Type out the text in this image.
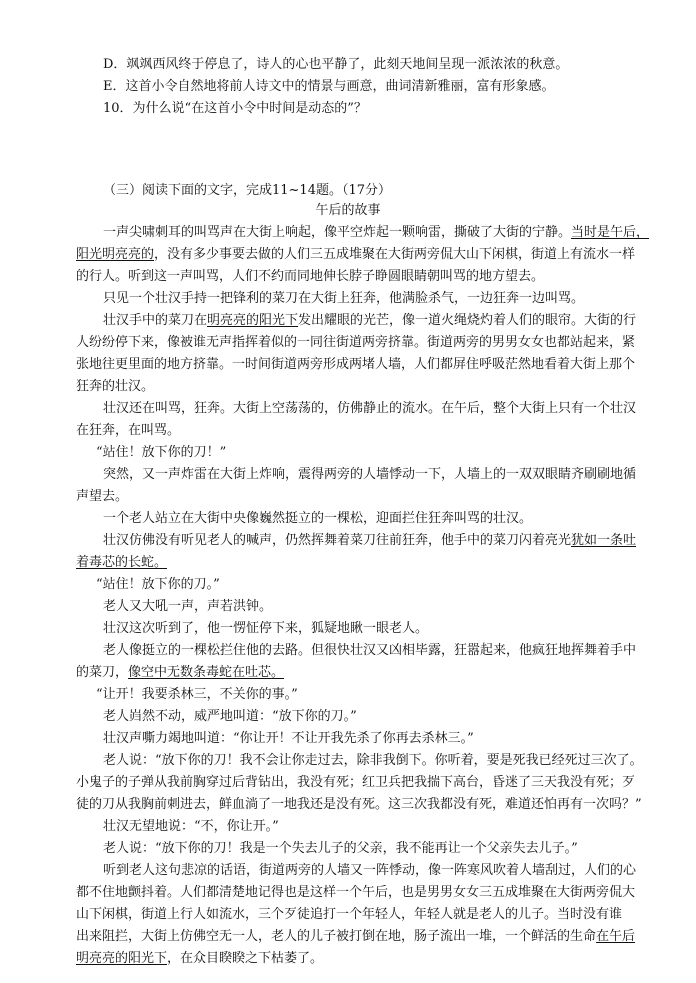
D．飒飒西风终于停息了，诗人的心也平静了，此刻天地间呈现一派浓浓的秋意。
E．这首小令自然地将前人诗文中的情景与画意，曲词清新雅丽，富有形象感。
10．为什么说“在这首小令中时间是动态的”？
（三）阅读下面的文字，完成11~14题。（17分）
午后的故事
一声尖啸刺耳的叫骂声在大街上响起，像平空炸起一颗响雷，撕破了大街的宁静。当时是午后，
阳光明亮亮的，没有多少事要去做的人们三五成堆聚在大街两旁侃大山下闲棋，街道上有流水一样
的行人。听到这一声叫骂，人们不约而同地伸长脖子睁圆眼睛朝叫骂的地方望去。
只见一个壮汉手持一把锋利的菜刀在大街上狂奔，他满脸杀气，一边狂奔一边叫骂。
壮汉手中的菜刀在明亮亮的阳光下发出耀眼的光芒，像一道火绳烧灼着人们的眼帘。大街的行
人纷纷停下来，像被谁无声指挥着似的一同往街道两旁挤靠。街道两旁的男男女女也都站起来，紧
张地往更里面的地方挤靠。一时间街道两旁形成两堵人墙，人们都屏住呼吸茫然地看着大街上那个
狂奔的壮汉。
壮汉还在叫骂，狂奔。大街上空荡荡的，仿佛静止的流水。在午后，整个大街上只有一个壮汉
在狂奔，在叫骂。
“站住！放下你的刀！”
突然，又一声炸雷在大街上炸响，震得两旁的人墙悸动一下，人墙上的一双双眼睛齐刷刷地循
声望去。
一个老人站立在大街中央像巍然挺立的一棵松，迎面拦住狂奔叫骂的壮汉。
壮汉仿佛没有听见老人的喊声，仍然挥舞着菜刀往前狂奔，他手中的菜刀闪着亮光犹如一条吐
着毒芯的长蛇。
“站住！放下你的刀。”
老人又大吼一声，声若洪钟。
壮汉这次听到了，他一愣怔停下来，狐疑地瞅一眼老人。
老人像挺立的一棵松拦住他的去路。但很快壮汉又凶相毕露，狂嚣起来，他疯狂地挥舞着手中
的菜刀，像空中无数条毒蛇在吐芯。
“让开！我要杀林三，不关你的事。”
老人岿然不动，威严地叫道：“放下你的刀。”
壮汉声嘶力竭地叫道：“你让开！不让开我先杀了你再去杀林三。”
老人说：“放下你的刀！我不会让你走过去，除非我倒下。你听着，要是死我已经死过三次了。
小鬼子的子弹从我前胸穿过后背钻出，我没有死；红卫兵把我揣下高台，昏迷了三天我没有死；歹
徒的刀从我胸前刺进去，鲜血淌了一地我还是没有死。这三次我都没有死，难道还怕再有一次吗？”
壮汉无望地说：“不，你让开。”
老人说：“放下你的刀！我是一个失去儿子的父亲，我不能再让一个父亲失去儿子。”
听到老人这句悲凉的话语，街道两旁的人墙又一阵悸动，像一阵寒风吹着人墙刮过，人们的心
都不住地颤抖着。人们都清楚地记得也是这样一个午后，也是男男女女三五成堆聚在大街两旁侃大
山下闲棋，街道上行人如流水，三个歹徒追打一个年轻人，年轻人就是老人的儿子。当时没有谁
出来阻拦，大街上仿佛空无一人，老人的儿子被打倒在地，肠子流出一堆，一个鲜活的生命在午后
明亮亮的阳光下，在众目睽睽之下枯萎了。
